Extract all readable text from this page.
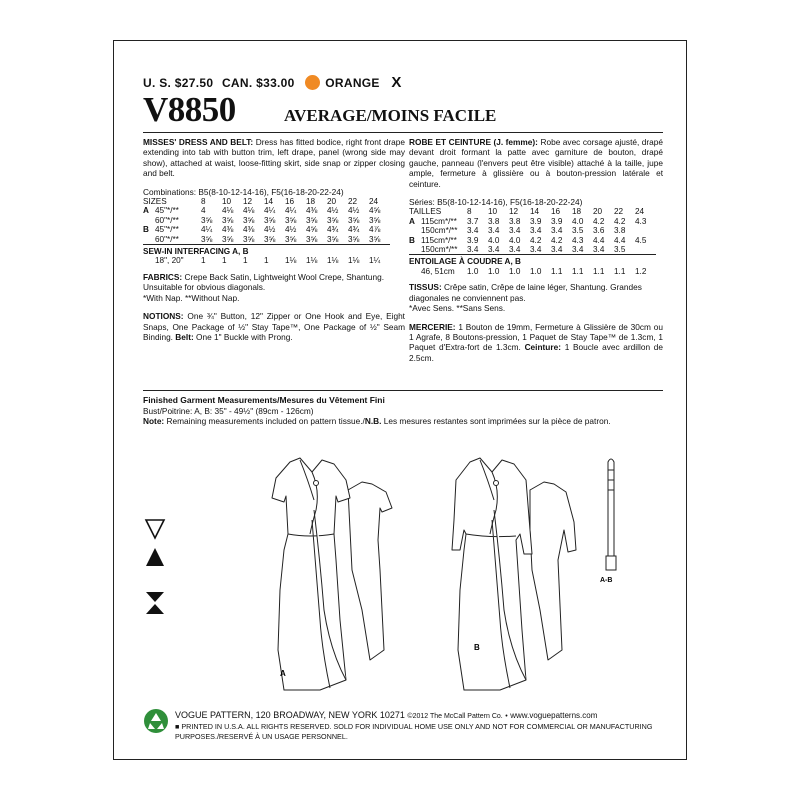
U. S. $27.50 CAN. $33.00	ORANGE X
V8850	AVERAGE/MOINS FACILE
MISSES' DRESS AND BELT: Dress has fitted bodice, right front drape extending into tab with button trim, left drape, panel (wrong side may show), attached at waist, loose-fitting skirt, side snap or zipper closing and belt.
Combinations: B5(8-10-12-14-16), F5(16-18-20-22-24)
SIZES	8	10	12	14	16	18	20	22	24
A 45"*/**	4	4⅛	4⅛	4¼	4¼	4⅜	4½	4½	4⅝
60"*/**	3⅝	3⅝	3⅝	3⅝	3⅝	3⅝	3⅝	3⅝	3⅝
B 45"*/**	4¼	4⅜	4⅜	4½	4½	4⅝	4¾	4¾	4⅞
60"*/**	3⅝	3⅝	3⅝	3⅝	3⅝	3⅝	3⅝	3⅝	3⅝
SEW-IN INTERFACING A, B									
18", 20"	1	1	1	1	1⅛	1⅛	1⅛	1⅛	1¼
FABRICS: Crepe Back Satin, Lightweight Wool Crepe, Shantung. Unsuitable for obvious diagonals.
*With Nap. **Without Nap.
NOTIONS: One ¾" Button, 12" Zipper or One Hook and Eye, Eight Snaps, One Package of ½" Stay Tape™, One Package of ½" Seam Binding. Belt: One 1" Buckle with Prong.
ROBE ET CEINTURE (J. femme): Robe avec corsage ajusté, drapé devant droit formant la patte avec garniture de bouton, drapé gauche, panneau (l'envers peut être visible) attaché à la taille, jupe ample, fermeture à glissière ou à bouton-pression latérale et ceinture.
Séries: B5(8-10-12-14-16), F5(16-18-20-22-24)
TAILLES	8	10	12	14	16	18	20	22	24
A 115cm*/**	3.7	3.8	3.8	3.9	3.9	4.0	4.2	4.2	4.3
150cm*/**	3.4	3.4	3.4	3.4	3.4	3.5	3.6	3.8	
B 115cm*/**	3.9	4.0	4.0	4.2	4.2	4.3	4.4	4.4	4.5
150cm*/**	3.4	3.4	3.4	3.4	3.4	3.4	3.4	3.5	
ENTOILAGE À COUDRE A, B									
46, 51cm	1.0	1.0	1.0	1.0	1.1	1.1	1.1	1.1	1.2
TISSUS: Crêpe satin, Crêpe de laine léger, Shantung. Grandes diagonales ne conviennent pas.
*Avec Sens. **Sans Sens.
MERCERIE: 1 Bouton de 19mm, Fermeture à Glissière de 30cm ou 1 Agrafe, 8 Boutons-pression, 1 Paquet de Stay Tape™ de 1.3cm, 1 Paquet d'Extra-fort de 1.3cm. Ceinture: 1 Boucle avec ardillon de 2.5cm.
Finished Garment Measurements/Mesures du Vêtement Fini
Bust/Poitrine: A, B: 35" - 49½" (89cm - 126cm)
Note: Remaining measurements included on pattern tissue./N.B. Les mesures restantes sont imprimées sur la pièce de patron.
A
B
A-B
VOGUE PATTERN, 120 BROADWAY, NEW YORK 10271 ©2012 The McCall Pattern Co. • www.voguepatterns.com
■ PRINTED IN U.S.A. ALL RIGHTS RESERVED. SOLD FOR INDIVIDUAL HOME USE ONLY AND NOT FOR COMMERCIAL OR MANUFACTURING PURPOSES./RESERVÉ À UN USAGE PERSONNEL.
